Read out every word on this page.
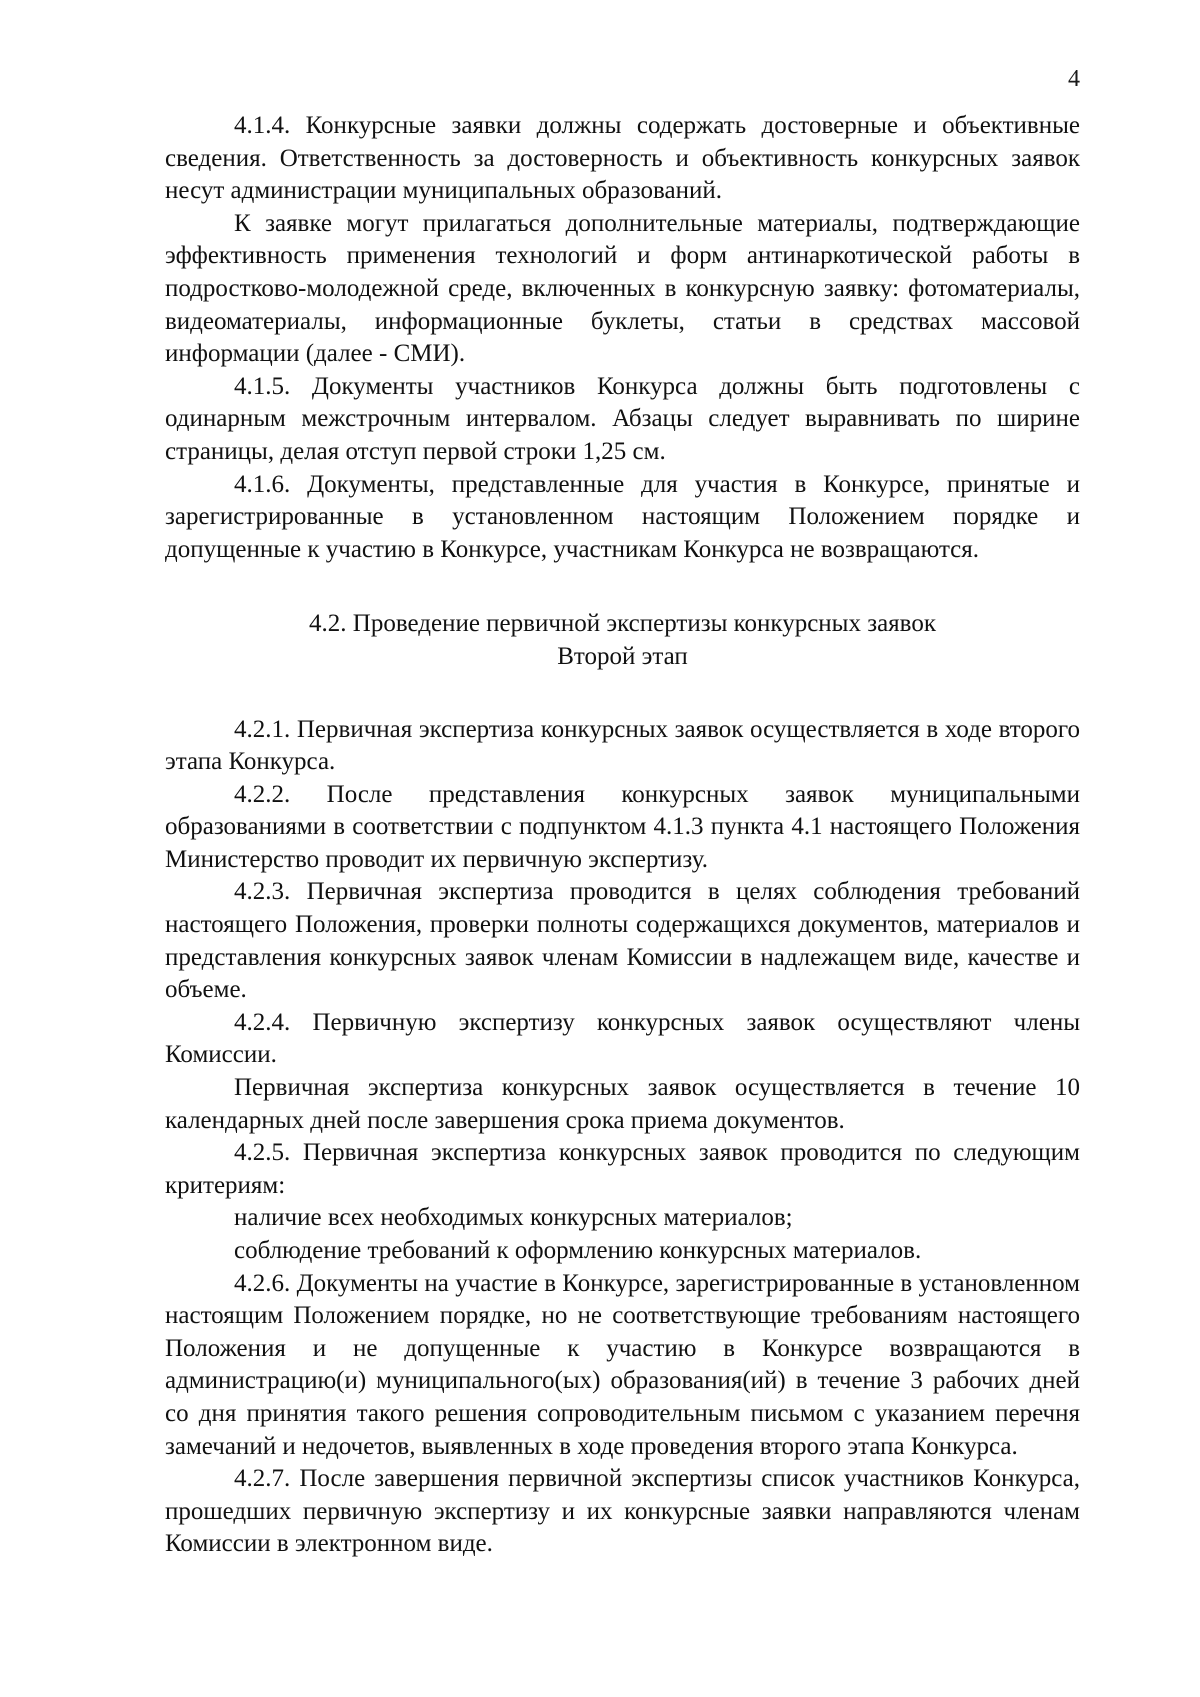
4

4.1.4. Конкурсные заявки должны содержать достоверные и объективные сведения. Ответственность за достоверность и объективность конкурсных заявок несут администрации муниципальных образований.

К заявке могут прилагаться дополнительные материалы, подтверждающие эффективность применения технологий и форм антинаркотической работы в подростково-молодежной среде, включенных в конкурсную заявку: фотоматериалы, видеоматериалы, информационные буклеты, статьи в средствах массовой информации (далее - СМИ).

4.1.5. Документы участников Конкурса должны быть подготовлены с одинарным межстрочным интервалом. Абзацы следует выравнивать по ширине страницы, делая отступ первой строки 1,25 см.

4.1.6. Документы, представленные для участия в Конкурсе, принятые и зарегистрированные в установленном настоящим Положением порядке и допущенные к участию в Конкурсе, участникам Конкурса не возвращаются.

4.2. Проведение первичной экспертизы конкурсных заявок
Второй этап

4.2.1. Первичная экспертиза конкурсных заявок осуществляется в ходе второго этапа Конкурса.

4.2.2. После представления конкурсных заявок муниципальными образованиями в соответствии с подпунктом 4.1.3 пункта 4.1 настоящего Положения Министерство проводит их первичную экспертизу.

4.2.3. Первичная экспертиза проводится в целях соблюдения требований настоящего Положения, проверки полноты содержащихся документов, материалов и представления конкурсных заявок членам Комиссии в надлежащем виде, качестве и объеме.

4.2.4. Первичную экспертизу конкурсных заявок осуществляют члены Комиссии.

Первичная экспертиза конкурсных заявок осуществляется в течение 10 календарных дней после завершения срока приема документов.

4.2.5. Первичная экспертиза конкурсных заявок проводится по следующим критериям:

наличие всех необходимых конкурсных материалов;

соблюдение требований к оформлению конкурсных материалов.

4.2.6. Документы на участие в Конкурсе, зарегистрированные в установленном настоящим Положением порядке, но не соответствующие требованиям настоящего Положения и не допущенные к участию в Конкурсе возвращаются в администрацию(и) муниципального(ых) образования(ий) в течение 3 рабочих дней со дня принятия такого решения сопроводительным письмом с указанием перечня замечаний и недочетов, выявленных в ходе проведения второго этапа Конкурса.

4.2.7. После завершения первичной экспертизы список участников Конкурса, прошедших первичную экспертизу и их конкурсные заявки направляются членам Комиссии в электронном виде.
